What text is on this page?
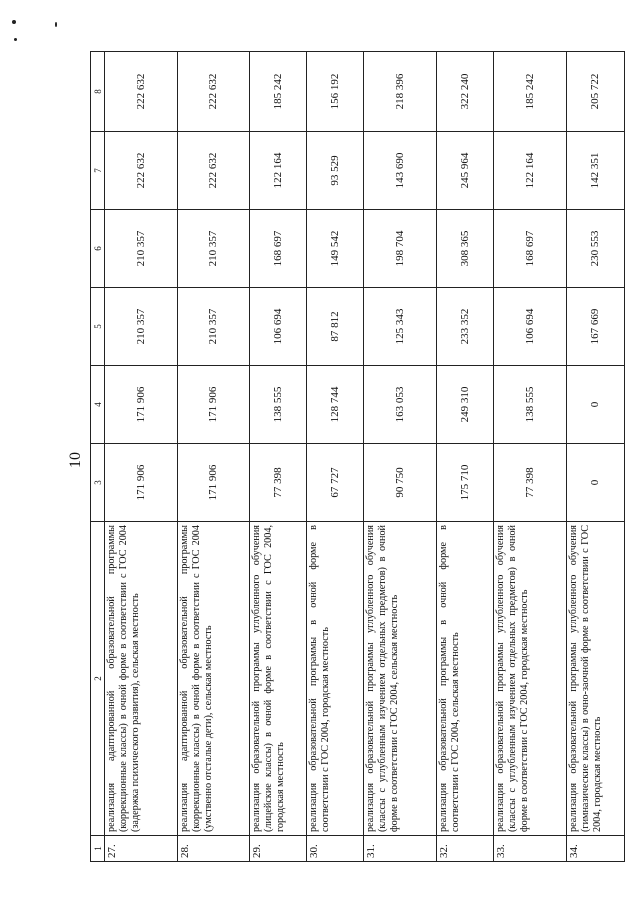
10
1	2	3	4	5	6	7	8
27.	реализация адаптированной образовательной программы (коррекционные классы) в очной форме в соответствии с ГОС 2004 (задержка психического развития), сельская местность	171 906	171 906	210 357	210 357	222 632	222 632
28.	реализация адаптированной образовательной программы (коррекционные классы) в очной форме в соответствии с ГОС 2004 (умственно отсталые дети), сельская местность	171 906	171 906	210 357	210 357	222 632	222 632
29.	реализация образовательной программы углубленного обучения (лицейские классы) в очной форме в соответствии с ГОС 2004, городская местность	77 398	138 555	106 694	168 697	122 164	185 242
30.	реализация образовательной программы в очной форме в соответствии с ГОС 2004, городская местность	67 727	128 744	87 812	149 542	93 529	156 192
31.	реализация образовательной программы углубленного обучения (классы с углубленным изучением отдельных предметов) в очной форме в соответствии с ГОС 2004, сельская местность	90 750	163 053	125 343	198 704	143 690	218 396
32.	реализация образовательной программы в очной форме в соответствии с ГОС 2004, сельская местность	175 710	249 310	233 352	308 365	245 964	322 240
33.	реализация образовательной программы углубленного обучения (классы с углубленным изучением отдельных предметов) в очной форме в соответствии с ГОС 2004, городская местность	77 398	138 555	106 694	168 697	122 164	185 242
34.	реализация образовательной программы углубленного обучения (гимназические классы) в очно-заочной форме в соответствии с ГОС 2004, городская местность	0	0	167 669	230 553	142 351	205 722
